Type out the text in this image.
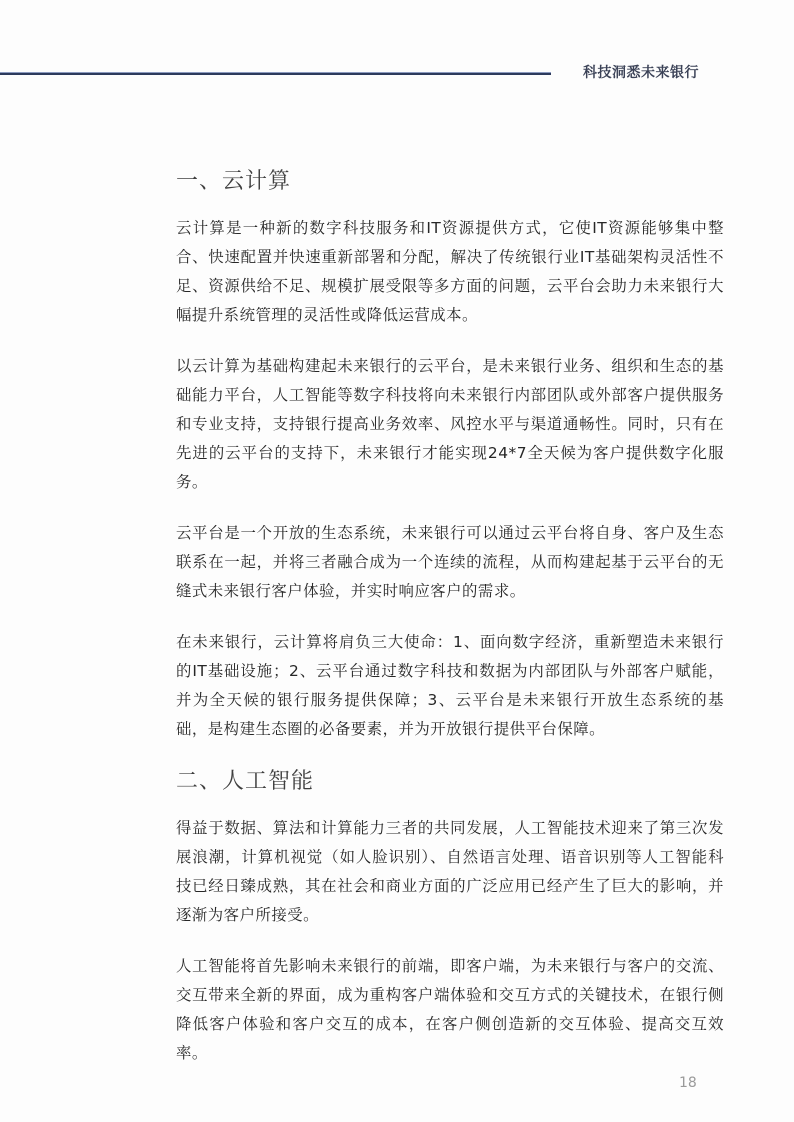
科技洞悉未来银行
一、云计算

云计算是一种新的数字科技服务和IT资源提供方式，它使IT资源能够集中整合、快速配置并快速重新部署和分配，解决了传统银行业IT基础架构灵活性不足、资源供给不足、规模扩展受限等多方面的问题，云平台会助力未来银行大幅提升系统管理的灵活性或降低运营成本。

以云计算为基础构建起未来银行的云平台，是未来银行业务、组织和生态的基础能力平台，人工智能等数字科技将向未来银行内部团队或外部客户提供服务和专业支持，支持银行提高业务效率、风控水平与渠道通畅性。同时，只有在先进的云平台的支持下，未来银行才能实现24*7全天候为客户提供数字化服务。

云平台是一个开放的生态系统，未来银行可以通过云平台将自身、客户及生态联系在一起，并将三者融合成为一个连续的流程，从而构建起基于云平台的无缝式未来银行客户体验，并实时响应客户的需求。

在未来银行，云计算将肩负三大使命：1、面向数字经济，重新塑造未来银行的IT基础设施；2、云平台通过数字科技和数据为内部团队与外部客户赋能，并为全天候的银行服务提供保障；3、云平台是未来银行开放生态系统的基础，是构建生态圈的必备要素，并为开放银行提供平台保障。

二、人工智能

得益于数据、算法和计算能力三者的共同发展，人工智能技术迎来了第三次发展浪潮，计算机视觉（如人脸识别）、自然语言处理、语音识别等人工智能科技已经日臻成熟，其在社会和商业方面的广泛应用已经产生了巨大的影响，并逐渐为客户所接受。

人工智能将首先影响未来银行的前端，即客户端，为未来银行与客户的交流、交互带来全新的界面，成为重构客户端体验和交互方式的关键技术，在银行侧降低客户体验和客户交互的成本，在客户侧创造新的交互体验、提高交互效率。

18
